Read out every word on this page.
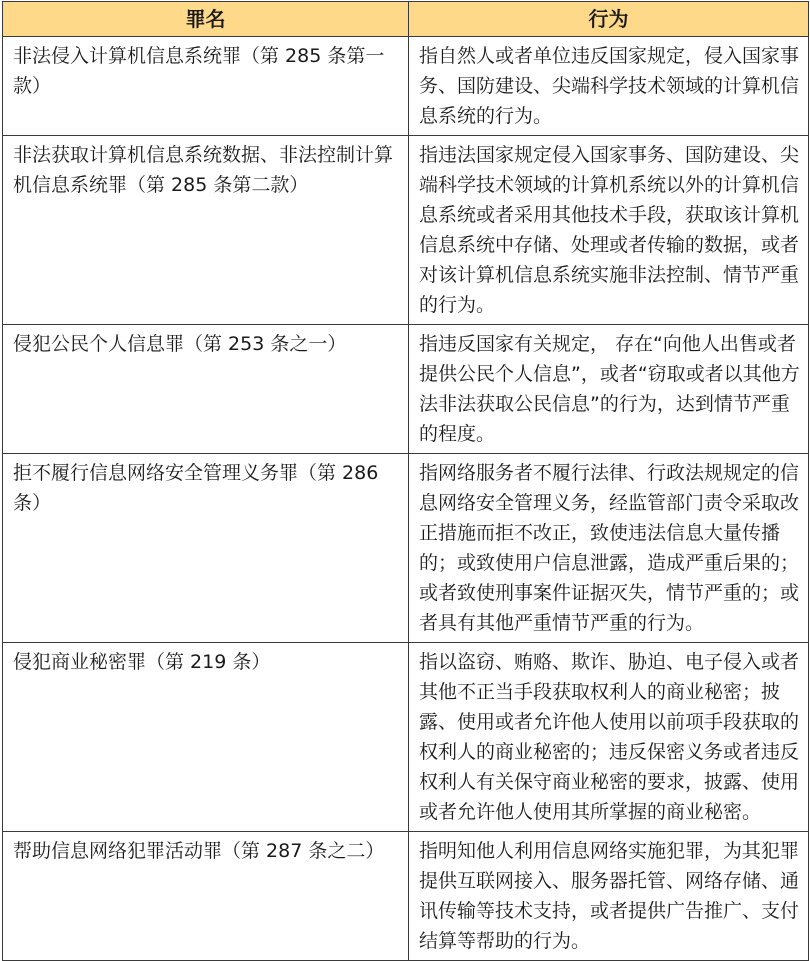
罪名	行为
非法侵入计算机信息系统罪（第 285 条第一款）	指自然人或者单位违反国家规定，侵入国家事务、国防建设、尖端科学技术领域的计算机信息系统的行为。
非法获取计算机信息系统数据、非法控制计算机信息系统罪（第 285 条第二款）	指违法国家规定侵入国家事务、国防建设、尖端科学技术领域的计算机系统以外的计算机信息系统或者采用其他技术手段，获取该计算机信息系统中存储、处理或者传输的数据，或者对该计算机信息系统实施非法控制、情节严重的行为。
侵犯公民个人信息罪（第 253 条之一）	指违反国家有关规定， 存在“向他人出售或者提供公民个人信息”，或者“窃取或者以其他方法非法获取公民信息”的行为，达到情节严重的程度。
拒不履行信息网络安全管理义务罪（第 286 条）	指网络服务者不履行法律、行政法规规定的信息网络安全管理义务，经监管部门责令采取改正措施而拒不改正，致使违法信息大量传播的；或致使用户信息泄露，造成严重后果的；或者致使刑事案件证据灭失，情节严重的；或者具有其他严重情节严重的行为。
侵犯商业秘密罪（第 219 条）	指以盗窃、贿赂、欺诈、胁迫、电子侵入或者其他不正当手段获取权利人的商业秘密；披露、使用或者允许他人使用以前项手段获取的权利人的商业秘密的；违反保密义务或者违反权利人有关保守商业秘密的要求，披露、使用或者允许他人使用其所掌握的商业秘密。
帮助信息网络犯罪活动罪（第 287 条之二）	指明知他人利用信息网络实施犯罪，为其犯罪提供互联网接入、服务器托管、网络存储、通讯传输等技术支持，或者提供广告推广、支付结算等帮助的行为。
